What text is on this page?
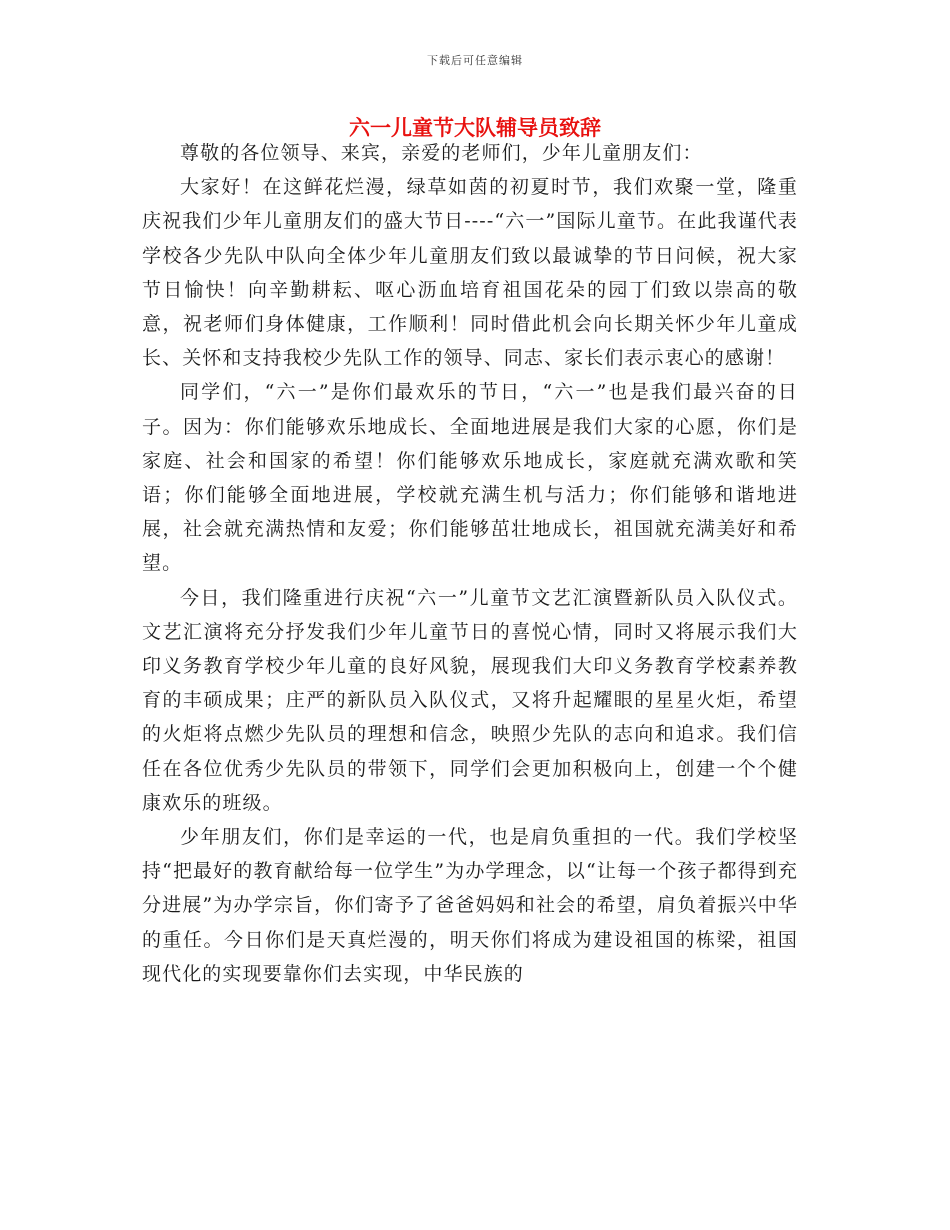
下载后可任意编辑
六一儿童节大队辅导员致辞

尊敬的各位领导、来宾，亲爱的老师们，少年儿童朋友们：

大家好！在这鲜花烂漫，绿草如茵的初夏时节，我们欢聚一堂，隆重庆祝我们少年儿童朋友们的盛大节日----“六一”国际儿童节。在此我谨代表学校各少先队中队向全体少年儿童朋友们致以最诚挚的节日问候，祝大家节日愉快！向辛勤耕耘、呕心沥血培育祖国花朵的园丁们致以崇高的敬意，祝老师们身体健康，工作顺利！同时借此机会向长期关怀少年儿童成长、关怀和支持我校少先队工作的领导、同志、家长们表示衷心的感谢！

同学们，“六一”是你们最欢乐的节日，“六一”也是我们最兴奋的日子。因为：你们能够欢乐地成长、全面地进展是我们大家的心愿，你们是家庭、社会和国家的希望！你们能够欢乐地成长，家庭就充满欢歌和笑语；你们能够全面地进展，学校就充满生机与活力；你们能够和谐地进展，社会就充满热情和友爱；你们能够茁壮地成长，祖国就充满美好和希望。

今日，我们隆重进行庆祝“六一”儿童节文艺汇演暨新队员入队仪式。文艺汇演将充分抒发我们少年儿童节日的喜悦心情，同时又将展示我们大印义务教育学校少年儿童的良好风貌，展现我们大印义务教育学校素养教育的丰硕成果；庄严的新队员入队仪式，又将升起耀眼的星星火炬，希望的火炬将点燃少先队员的理想和信念，映照少先队的志向和追求。我们信任在各位优秀少先队员的带领下，同学们会更加积极向上，创建一个个健康欢乐的班级。

少年朋友们，你们是幸运的一代，也是肩负重担的一代。我们学校坚持“把最好的教育献给每一位学生”为办学理念，以“让每一个孩子都得到充分进展”为办学宗旨，你们寄予了爸爸妈妈和社会的希望，肩负着振兴中华的重任。今日你们是天真烂漫的，明天你们将成为建设祖国的栋梁，祖国现代化的实现要靠你们去实现，中华民族的
